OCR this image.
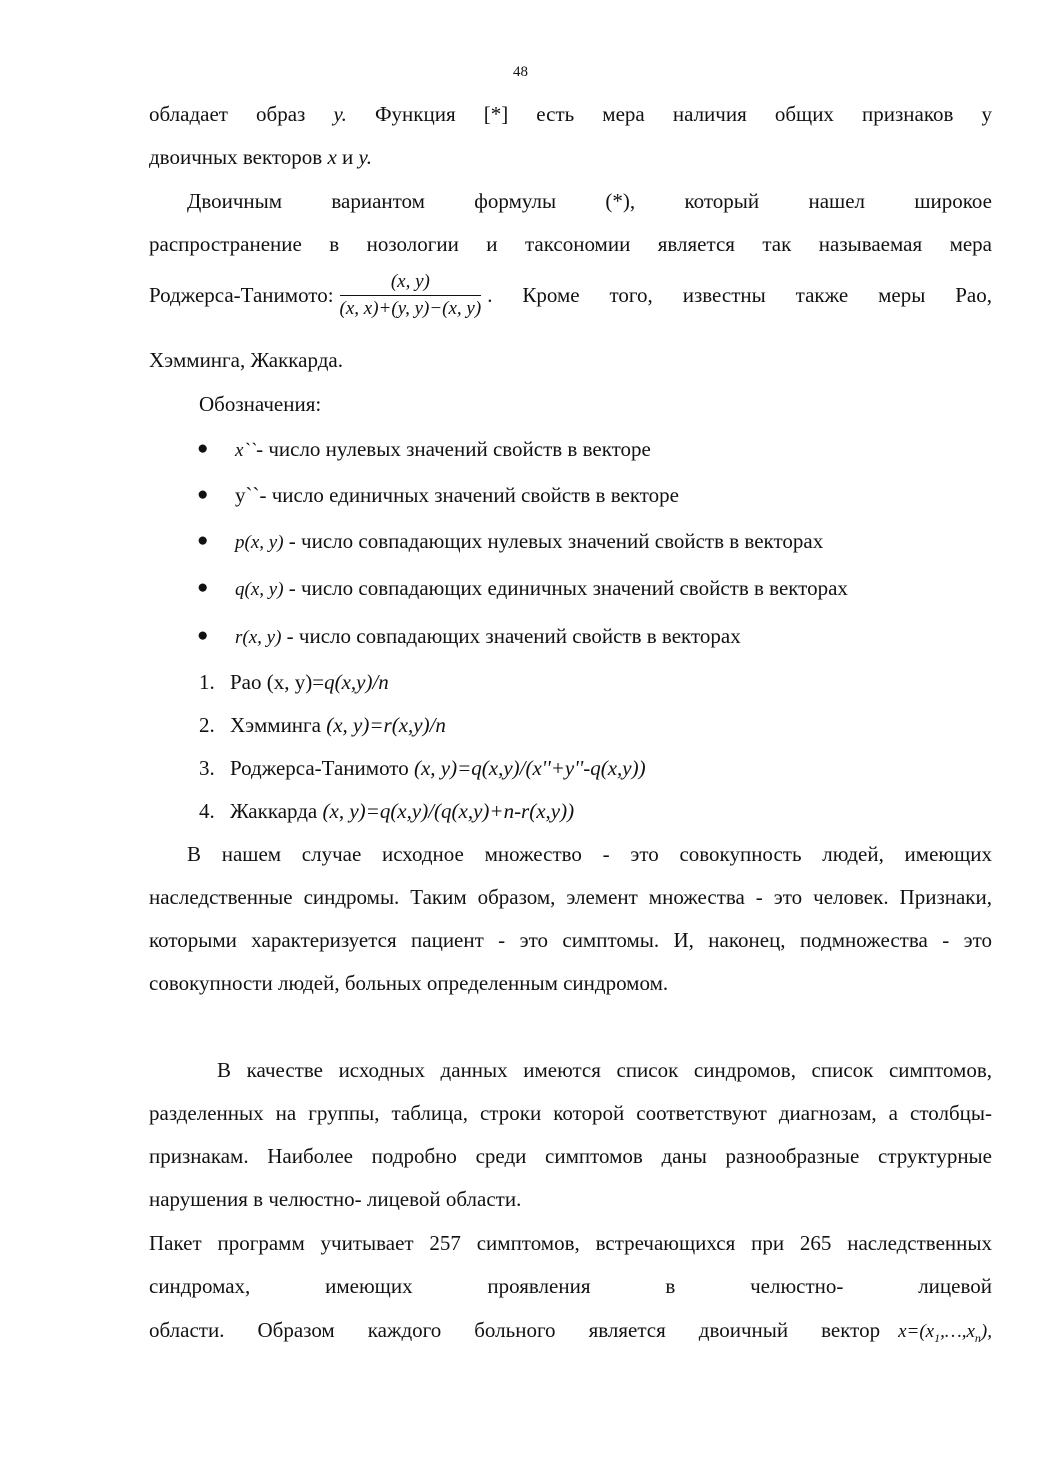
48
обладает образ y. Функция [*] есть мера наличия общих признаков у
двоичных векторов x и y.
Двоичным вариантом формулы (*), который нашел широкое
распространение в нозологии и таксономии является так называемая мера
Роджерса-Танимото: $\frac{(x, y)}{(x, x)+(y, y)-(x, y)}$ . Кроме того, известны также меры Рао,
Хэмминга, Жаккарда.
Обозначения:
● x``- число нулевых значений свойств в векторе
● y``- число единичных значений свойств в векторе
● p(x, y) - число совпадающих нулевых значений свойств в векторах
● q(x, y) - число совпадающих единичных значений свойств в векторах
● r(x, y) - число совпадающих значений свойств в векторах
1. Рао (x, y)=q(x,y)/n
2. Хэмминга (x, y)=r(x,y)/n
3. Роджерса-Танимото (x, y)=q(x,y)/(x''+y''-q(x,y))
4. Жаккарда (x, y)=q(x,y)/(q(x,y)+n-r(x,y))
В нашем случае исходное множество - это совокупность людей, имеющих наследственные синдромы. Таким образом, элемент множества - это человек. Признаки, которыми характеризуется пациент - это симптомы. И, наконец, подмножества - это совокупности людей, больных определенным синдромом.
В качестве исходных данных имеются список синдромов, список симптомов, разделенных на группы, таблица, строки которой соответствуют диагнозам, а столбцы- признакам. Наиболее подробно среди симптомов даны разнообразные структурные нарушения в челюстно- лицевой области.
Пакет программ учитывает 257 симптомов, встречающихся при 265 наследственных синдромах, имеющих проявления в челюстно- лицевой
области. Образом каждого больного является двоичный вектор $x=(x_1,\dots,x_n)$,
